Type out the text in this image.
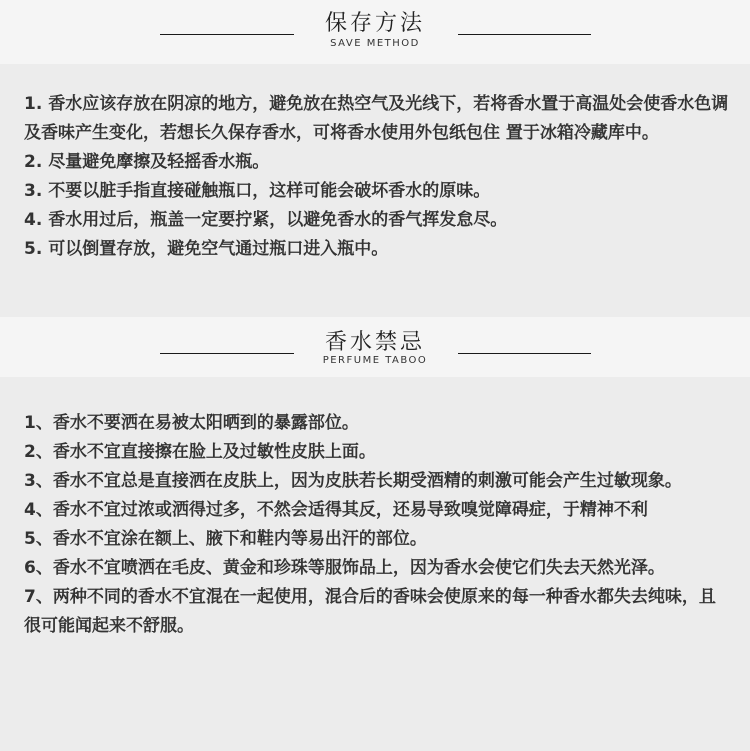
保存方法
SAVE METHOD

1. 香水应该存放在阴凉的地方，避免放在热空气及光线下，若将香水置于高温处会使香水色调及香味产生变化，若想长久保存香水，可将香水使用外包纸包住 置于冰箱冷藏库中。

2. 尽量避免摩擦及轻摇香水瓶。

3. 不要以脏手指直接碰触瓶口，这样可能会破坏香水的原味。

4. 香水用过后，瓶盖一定要拧紧，以避免香水的香气挥发怠尽。

5. 可以倒置存放，避免空气通过瓶口进入瓶中。

香水禁忌
PERFUME TABOO

1、香水不要洒在易被太阳晒到的暴露部位。

2、香水不宜直接擦在脸上及过敏性皮肤上面。

3、香水不宜总是直接洒在皮肤上，因为皮肤若长期受酒精的刺激可能会产生过敏现象。

4、香水不宜过浓或洒得过多，不然会适得其反，还易导致嗅觉障碍症，于精神不利

5、香水不宜涂在额上、腋下和鞋内等易出汗的部位。

6、香水不宜喷洒在毛皮、黄金和珍珠等服饰品上，因为香水会使它们失去天然光泽。

7、两种不同的香水不宜混在一起使用，混合后的香味会使原来的每一种香水都失去纯味，且很可能闻起来不舒服。
